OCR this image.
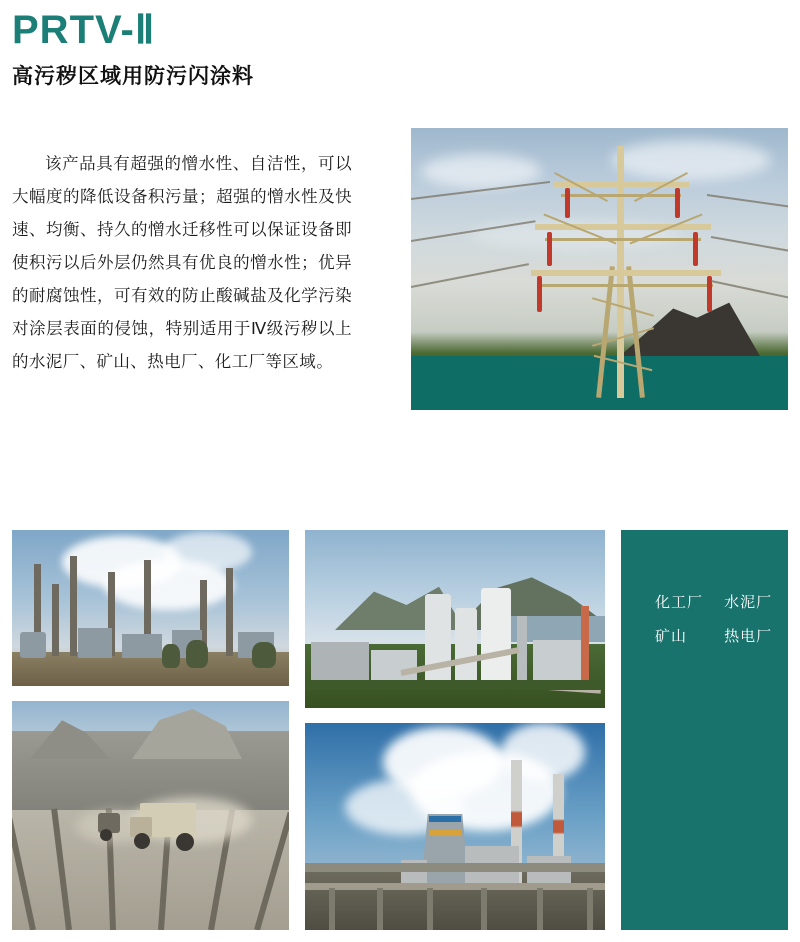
PRTV-Ⅱ
高污秽区域用防污闪涂料
该产品具有超强的憎水性、自洁性，可以大幅度的降低设备积污量；超强的憎水性及快速、均衡、持久的憎水迁移性可以保证设备即使积污以后外层仍然具有优良的憎水性；优异的耐腐蚀性，可有效的防止酸碱盐及化学污染对涂层表面的侵蚀，特别适用于Ⅳ级污秽以上的水泥厂、矿山、热电厂、化工厂等区域。
化工厂　 水泥厂
矿山　　 热电厂
